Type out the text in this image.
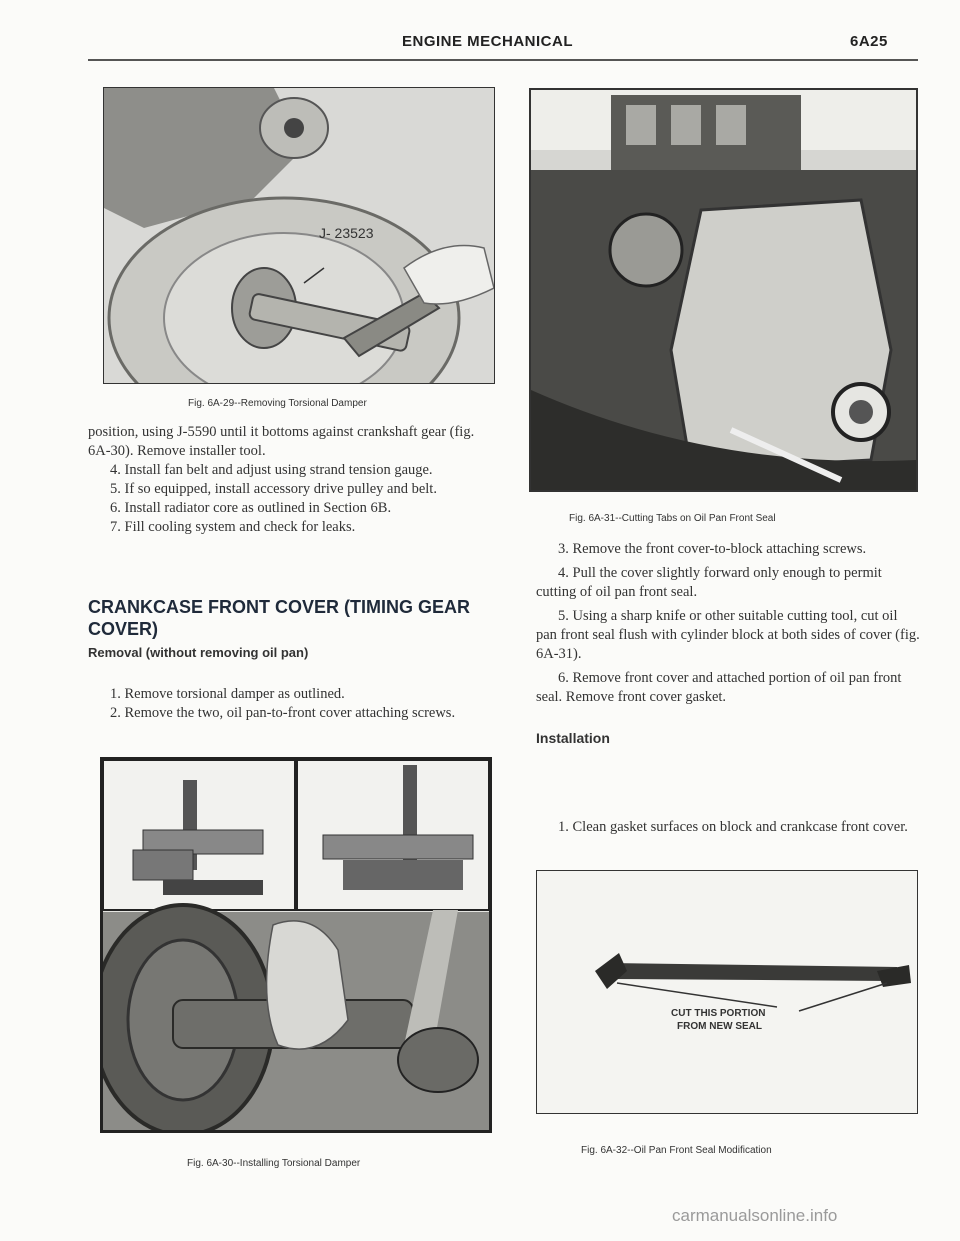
ENGINE MECHANICAL	6A25
J- 23523
Fig. 6A-29--Removing Torsional Damper

position, using J-5590 until it bottoms against crankshaft gear (fig. 6A-30). Remove installer tool.

4. Install fan belt and adjust using strand tension gauge.

5. If so equipped, install accessory drive pulley and belt.

6. Install radiator core as outlined in Section 6B.

7. Fill cooling system and check for leaks.

CRANKCASE FRONT COVER (TIMING GEAR COVER)
Removal (without removing oil pan)

1. Remove torsional damper as outlined.

2. Remove the two, oil pan-to-front cover attaching screws.

Fig. 6A-30--Installing Torsional Damper
Fig. 6A-31--Cutting Tabs on Oil Pan Front Seal

3. Remove the front cover-to-block attaching screws.

4. Pull the cover slightly forward only enough to permit cutting of oil pan front seal.

5. Using a sharp knife or other suitable cutting tool, cut oil pan front seal flush with cylinder block at both sides of cover (fig. 6A-31).

6. Remove front cover and attached portion of oil pan front seal. Remove front cover gasket.

Installation

1. Clean gasket surfaces on block and crankcase front cover.

CUT THIS PORTION
FROM NEW SEAL
Fig. 6A-32--Oil Pan Front Seal Modification
carmanualsonline.info
